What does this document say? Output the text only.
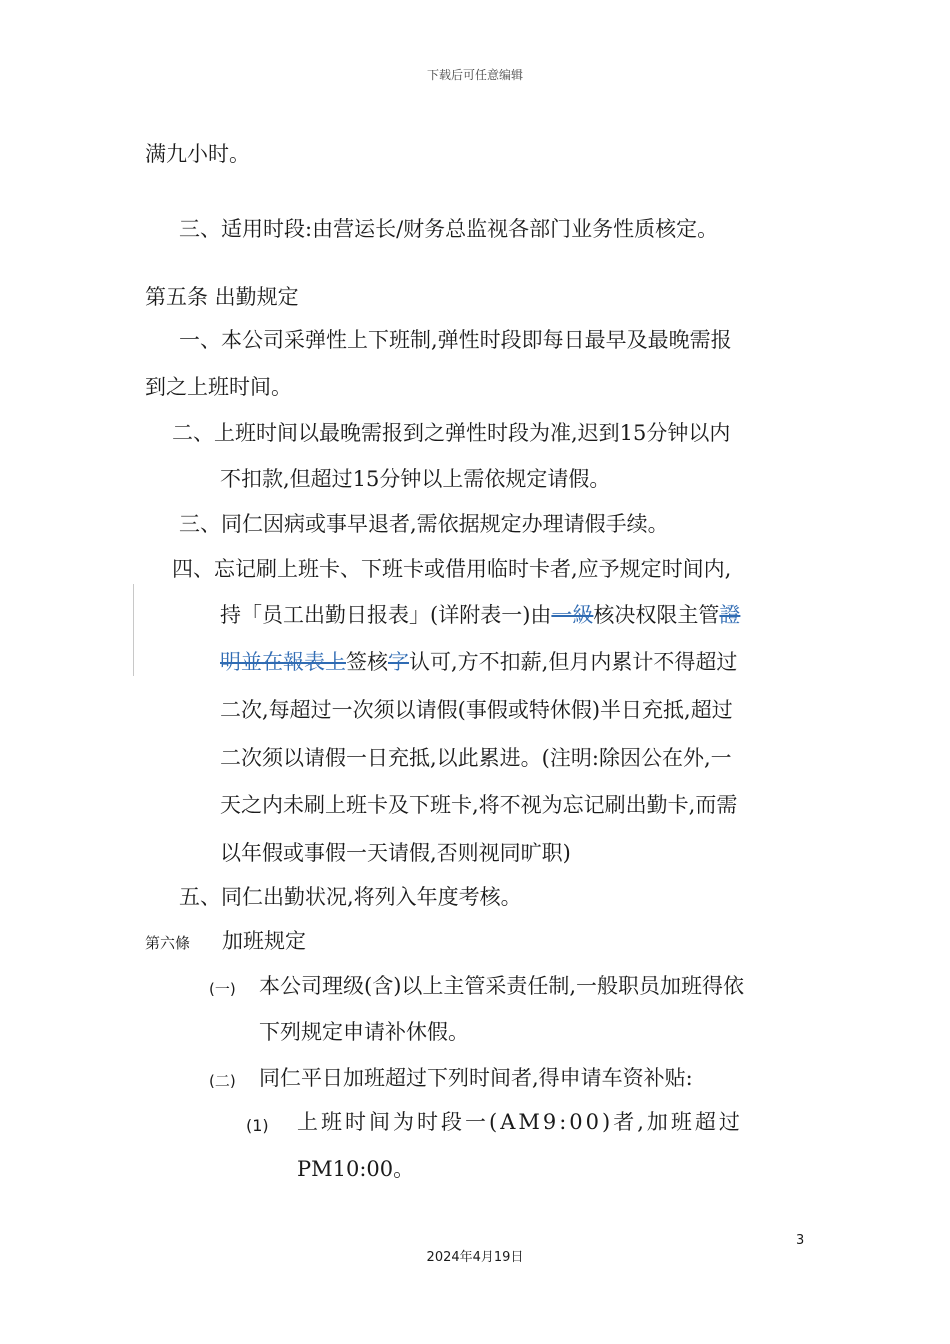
下载后可任意编辑
满九小时。
三、适用时段:由营运长/财务总监视各部门业务性质核定。
第五条 出勤规定
一、本公司采弹性上下班制,弹性时段即每日最早及最晚需报
到之上班时间。
二、上班时间以最晚需报到之弹性时段为准,迟到15分钟以内
不扣款,但超过15分钟以上需依规定请假。
三、同仁因病或事早退者,需依据规定办理请假手续。
四、忘记刷上班卡、下班卡或借用临时卡者,应予规定时间内,
持「员工出勤日报表」(详附表一)由一級核决权限主管證
明並在報表上签核字认可,方不扣薪,但月内累计不得超过
二次,每超过一次须以请假(事假或特休假)半日充抵,超过
二次须以请假一日充抵,以此累进。(注明:除因公在外,一
天之内未刷上班卡及下班卡,将不视为忘记刷出勤卡,而需
以年假或事假一天请假,否则视同旷职)
五、同仁出勤状况,将列入年度考核。
第六條 加班规定
(一) 本公司理级(含)以上主管采责任制,一般职员加班得依
下列规定申请补休假。
(二) 同仁平日加班超过下列时间者,得申请车资补贴:
(1) 上班时间为时段一(AM9:00)者,加班超过
PM10:00。
3
2024年4月19日
